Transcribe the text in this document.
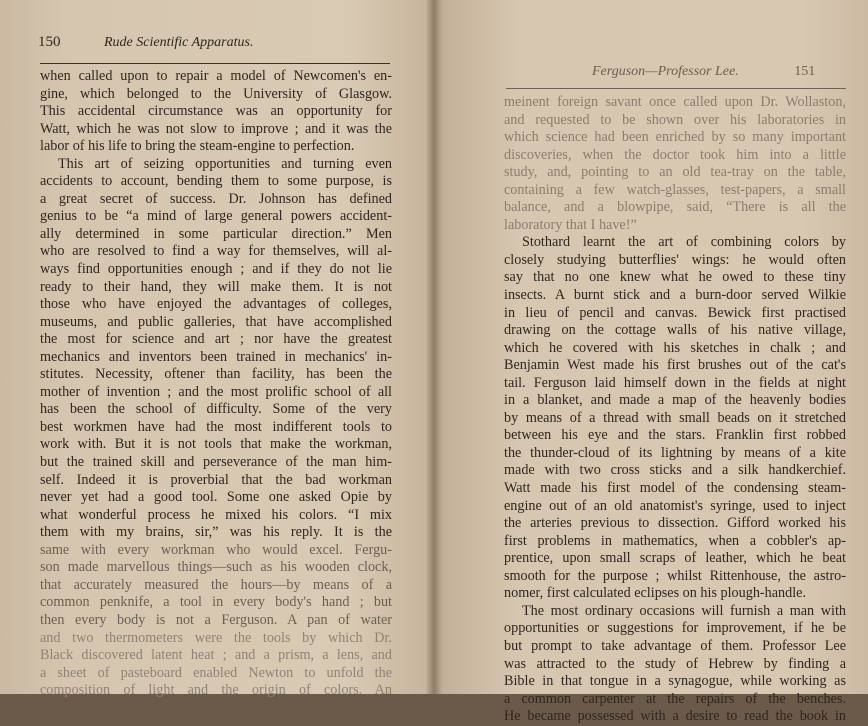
150	Rude Scientific Apparatus.
when called upon to repair a model of Newcomen's en-
gine, which belonged to the University of Glasgow.
This accidental circumstance was an opportunity for
Watt, which he was not slow to improve ; and it was the
labor of his life to bring the steam-engine to perfection.
This art of seizing opportunities and turning even
accidents to account, bending them to some purpose, is
a great secret of success. Dr. Johnson has defined
genius to be “a mind of large general powers accident-
ally determined in some particular direction.” Men
who are resolved to find a way for themselves, will al-
ways find opportunities enough ; and if they do not lie
ready to their hand, they will make them. It is not
those who have enjoyed the advantages of colleges,
museums, and public galleries, that have accomplished
the most for science and art ; nor have the greatest
mechanics and inventors been trained in mechanics' in-
stitutes. Necessity, oftener than facility, has been the
mother of invention ; and the most prolific school of all
has been the school of difficulty. Some of the very
best workmen have had the most indifferent tools to
work with. But it is not tools that make the workman,
but the trained skill and perseverance of the man him-
self. Indeed it is proverbial that the bad workman
never yet had a good tool. Some one asked Opie by
what wonderful process he mixed his colors. “I mix
them with my brains, sir,” was his reply. It is the
same with every workman who would excel. Fergu-
son made marvellous things—such as his wooden clock,
that accurately measured the hours—by means of a
common penknife, a tool in every body's hand ; but
then every body is not a Ferguson. A pan of water
and two thermometers were the tools by which Dr.
Black discovered latent heat ; and a prism, a lens, and
a sheet of pasteboard enabled Newton to unfold the
composition of light and the origin of colors. An
Ferguson—Professor Lee.	151
meinent foreign savant once called upon Dr. Wollaston,
and requested to be shown over his laboratories in
which science had been enriched by so many important
discoveries, when the doctor took him into a little
study, and, pointing to an old tea-tray on the table,
containing a few watch-glasses, test-papers, a small
balance, and a blowpipe, said, “There is all the
laboratory that I have!”
Stothard learnt the art of combining colors by
closely studying butterflies' wings: he would often
say that no one knew what he owed to these tiny
insects. A burnt stick and a burn-door served Wilkie
in lieu of pencil and canvas. Bewick first practised
drawing on the cottage walls of his native village,
which he covered with his sketches in chalk ; and
Benjamin West made his first brushes out of the cat's
tail. Ferguson laid himself down in the fields at night
in a blanket, and made a map of the heavenly bodies
by means of a thread with small beads on it stretched
between his eye and the stars. Franklin first robbed
the thunder-cloud of its lightning by means of a kite
made with two cross sticks and a silk handkerchief.
Watt made his first model of the condensing steam-
engine out of an old anatomist's syringe, used to inject
the arteries previous to dissection. Gifford worked his
first problems in mathematics, when a cobbler's ap-
prentice, upon small scraps of leather, which he beat
smooth for the purpose ; whilst Rittenhouse, the astro-
nomer, first calculated eclipses on his plough-handle.
The most ordinary occasions will furnish a man with
opportunities or suggestions for improvement, if he be
but prompt to take advantage of them. Professor Lee
was attracted to the study of Hebrew by finding a
Bible in that tongue in a synagogue, while working as
a common carpenter at the repairs of the benches.
He became possessed with a desire to read the book in
